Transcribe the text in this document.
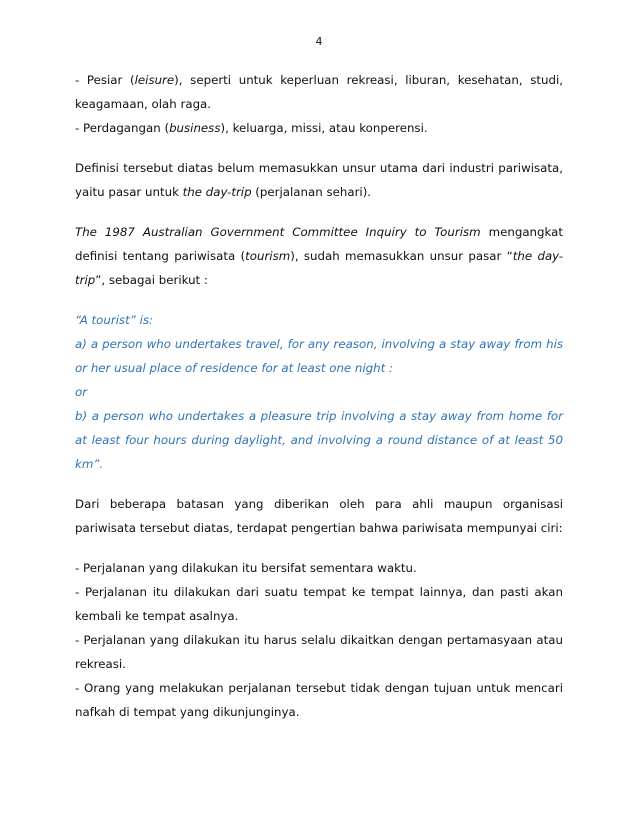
4

- Pesiar (leisure), seperti untuk keperluan rekreasi, liburan, kesehatan, studi, keagamaan, olah raga.

- Perdagangan (business), keluarga, missi, atau konperensi.

Definisi tersebut diatas belum memasukkan unsur utama dari industri pariwisata, yaitu pasar untuk the day-trip (perjalanan sehari).

The 1987 Australian Government Committee Inquiry to Tourism mengangkat definisi tentang pariwisata (tourism), sudah memasukkan unsur pasar “the day-trip”, sebagai berikut :

“A tourist” is:

a) a person who undertakes travel, for any reason, involving a stay away from his or her usual place of residence for at least one night :

or

b) a person who undertakes a pleasure trip involving a stay away from home for at least four hours during daylight, and involving a round distance of at least 50 km”.

Dari beberapa batasan yang diberikan oleh para ahli maupun organisasi pariwisata tersebut diatas, terdapat pengertian bahwa pariwisata mempunyai ciri:

- Perjalanan yang dilakukan itu bersifat sementara waktu.

- Perjalanan itu dilakukan dari suatu tempat ke tempat lainnya, dan pasti akan kembali ke tempat asalnya.

- Perjalanan yang dilakukan itu harus selalu dikaitkan dengan pertamasyaan atau rekreasi.

- Orang yang melakukan perjalanan tersebut tidak dengan tujuan untuk mencari nafkah di tempat yang dikunjunginya.
